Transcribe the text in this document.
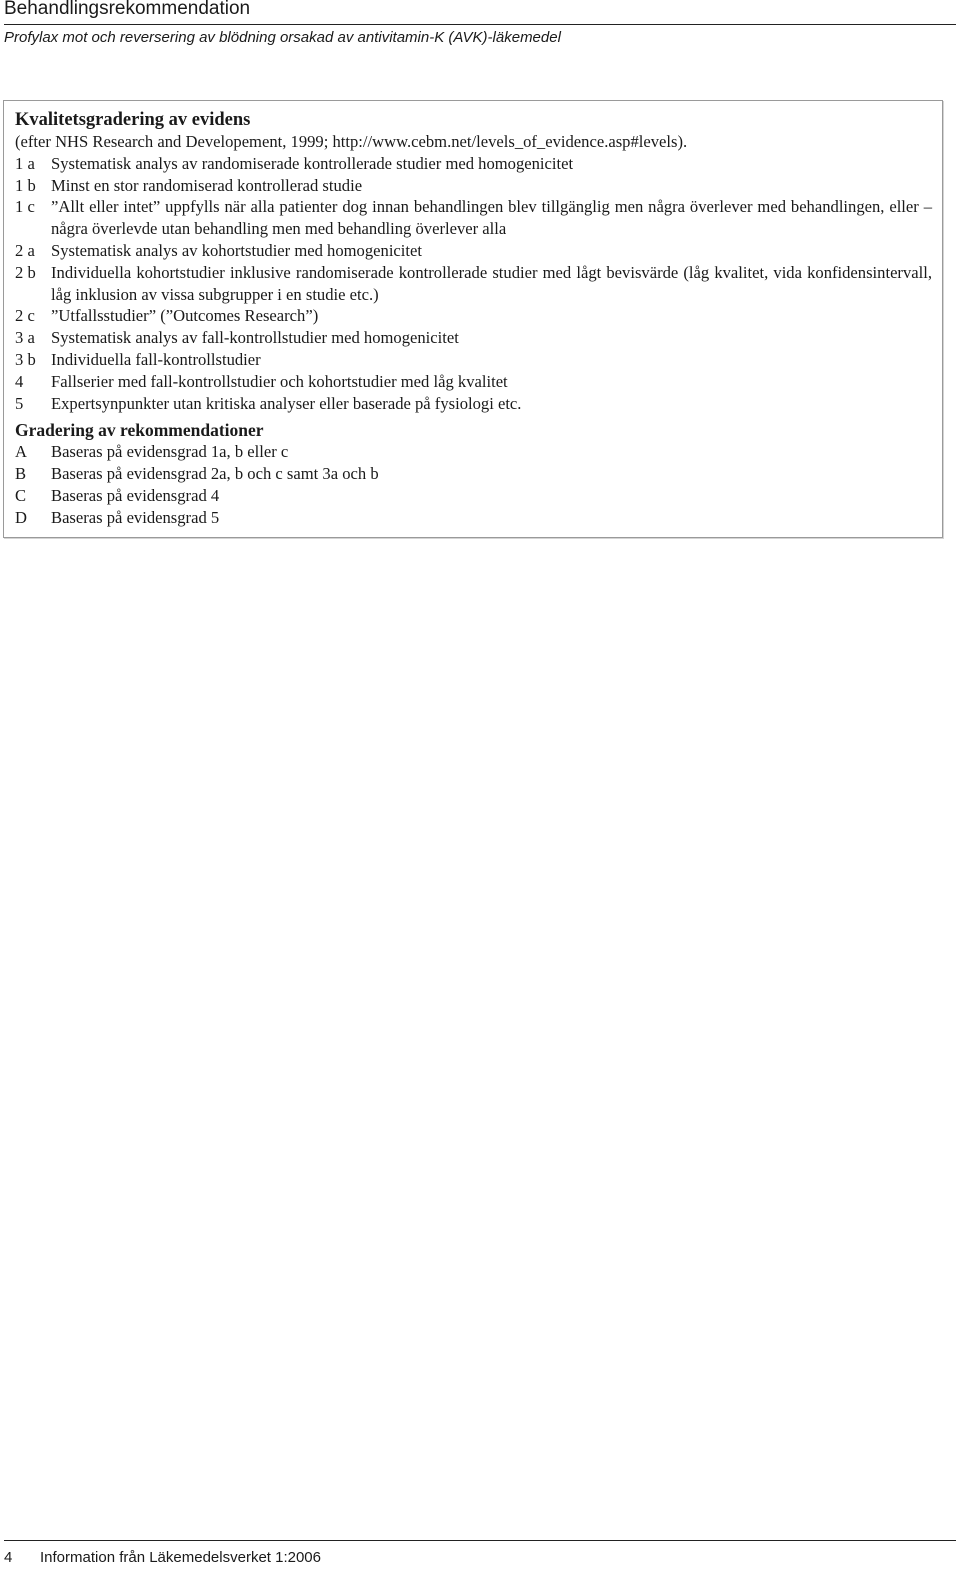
Behandlingsrekommendation
Profylax mot och reversering av blödning orsakad av antivitamin-K (AVK)-läkemedel
Kvalitetsgradering av evidens
(efter NHS Research and Developement, 1999; http://www.cebm.net/levels_of_evidence.asp#levels).
1 a Systematisk analys av randomiserade kontrollerade studier med homogenicitet
1 b Minst en stor randomiserad kontrollerad studie
1 c ”Allt eller intet” uppfylls när alla patienter dog innan behandlingen blev tillgänglig men några överlever med behandlingen, eller – några överlevde utan behandling men med behandling överlever alla
2 a Systematisk analys av kohortstudier med homogenicitet
2 b Individuella kohortstudier inklusive randomiserade kontrollerade studier med lågt bevisvärde (låg kvalitet, vida konfidensintervall, låg inklusion av vissa subgrupper i en studie etc.)
2 c ”Utfallsstudier” (”Outcomes Research”)
3 a Systematisk analys av fall-kontrollstudier med homogenicitet
3 b Individuella fall-kontrollstudier
4	Fallserier med fall-kontrollstudier och kohortstudier med låg kvalitet
5	Expertsynpunkter utan kritiska analyser eller baserade på fysiologi etc.
Gradering av rekommendationer
A	Baseras på evidensgrad 1a, b eller c
B	Baseras på evidensgrad 2a, b och c samt 3a och b
C	Baseras på evidensgrad 4
D	Baseras på evidensgrad 5
4 Information från Läkemedelsverket 1:2006
